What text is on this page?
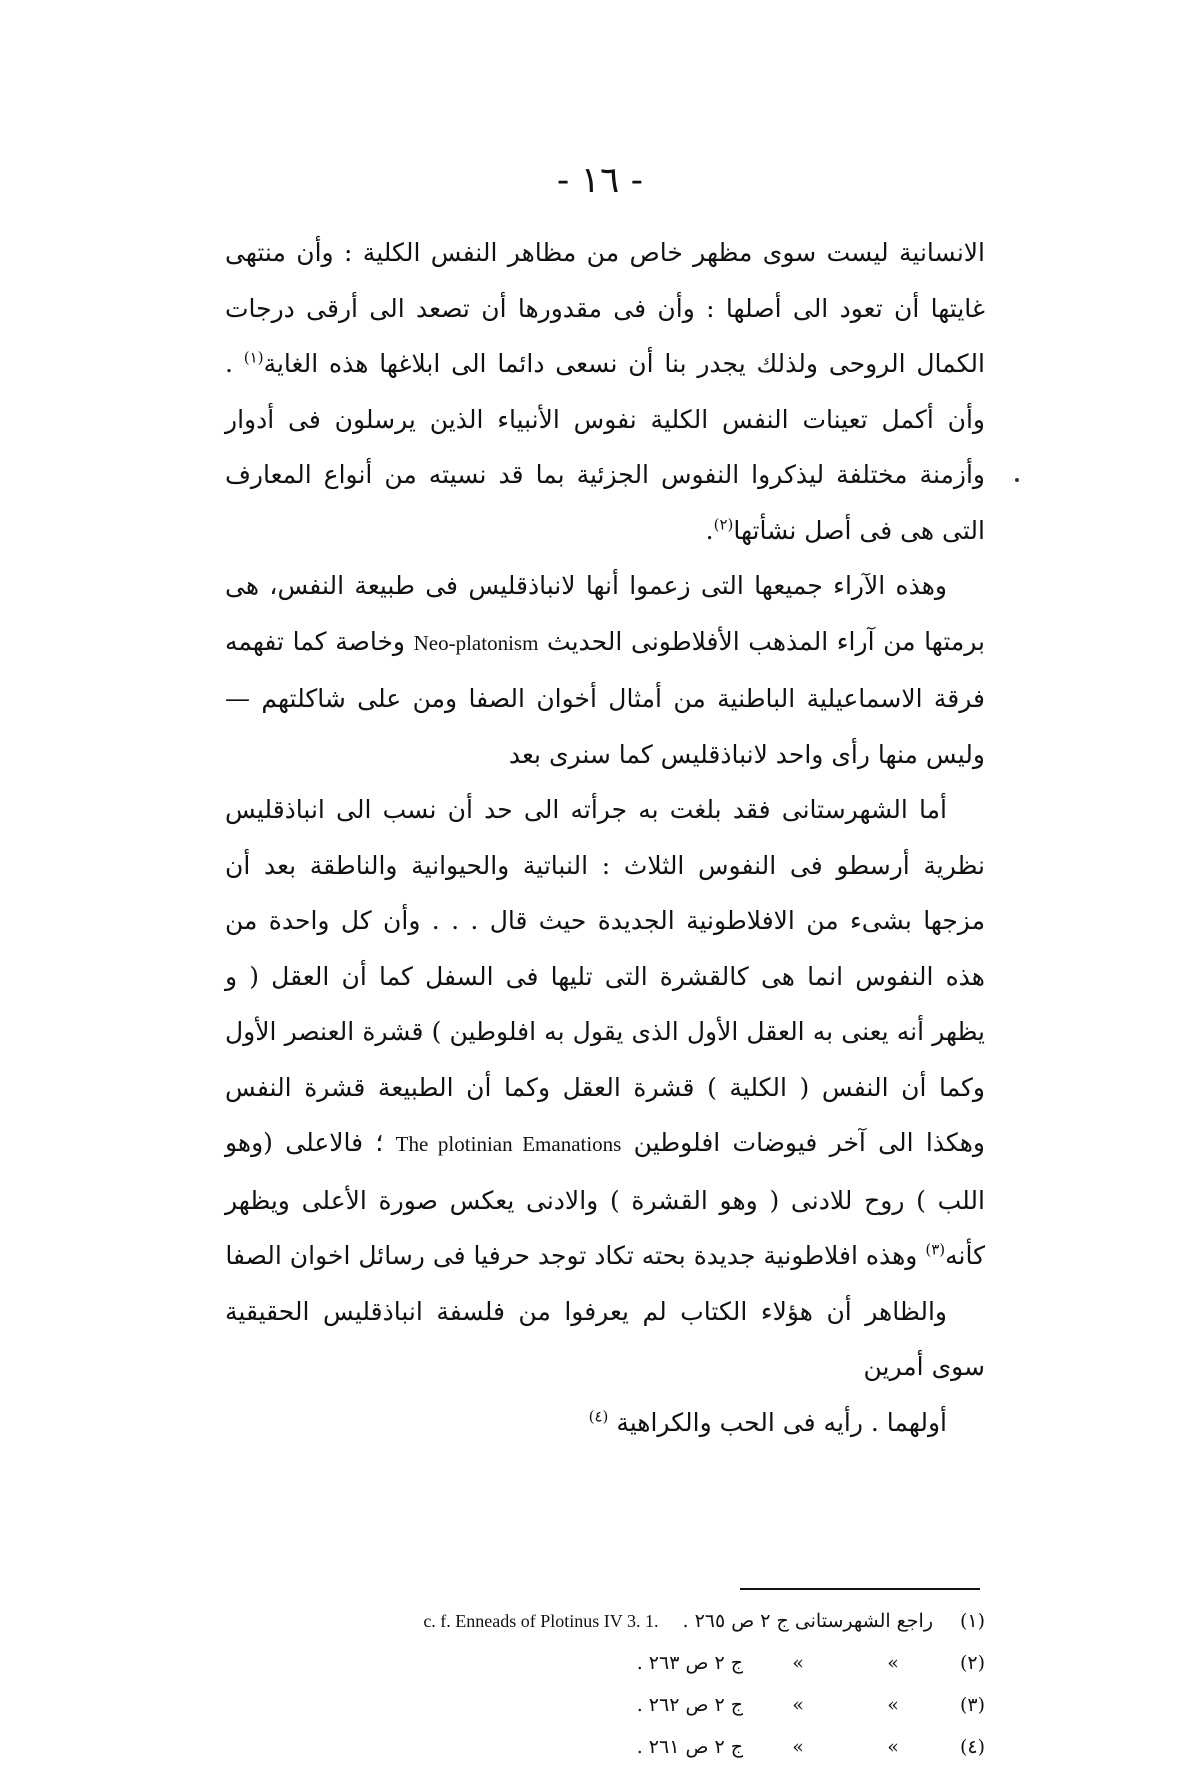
- ١٦ -

الانسانية ليست سوى مظهر خاص من مظاهر النفس الكلية : وأن منتهى غايتها أن تعود الى أصلها : وأن فى مقدورها أن تصعد الى أرقى درجات الكمال الروحى ولذلك يجدر بنا أن نسعى دائما الى ابلاغها هذه الغاية$^{(١)}$ . وأن أكمل تعينات النفس الكلية نفوس الأنبياء الذين يرسلون فى أدوار وأزمنة مختلفة ليذكروا النفوس الجزئية بما قد نسيته من أنواع المعارف التى هى فى أصل نشأتها$^{(٢)}$.

وهذه الآراء جميعها التى زعموا أنها لانباذقليس فى طبيعة النفس، هى برمتها من آراء المذهب الأفلاطونى الحديث Neo-platonism وخاصة كما تفهمه فرقة الاسماعيلية الباطنية من أمثال أخوان الصفا ومن على شاكلتهم — وليس منها رأى واحد لانباذقليس كما سنرى بعد

أما الشهرستانى فقد بلغت به جرأته الى حد أن نسب الى انباذقليس نظرية أرسطو فى النفوس الثلاث : النباتية والحيوانية والناطقة بعد أن مزجها بشىء من الافلاطونية الجديدة حيث قال . . . وأن كل واحدة من هذه النفوس انما هى كالقشرة التى تليها فى السفل كما أن العقل ( و يظهر أنه يعنى به العقل الأول الذى يقول به افلوطين ) قشرة العنصر الأول وكما أن النفس ( الكلية ) قشرة العقل وكما أن الطبيعة قشرة النفس وهكذا الى آخر فيوضات افلوطين The plotinian Emanations ؛ فالاعلى (وهو اللب ) روح للادنى ( وهو القشرة ) والادنى يعكس صورة الأعلى ويظهر كأنه$^{(٣)}$ وهذه افلاطونية جديدة بحته تكاد توجد حرفيا فى رسائل اخوان الصفا

والظاهر أن هؤلاء الكتاب لم يعرفوا من فلسفة انباذقليس الحقيقية سوى أمرين

أولهما . رأيه فى الحب والكراهية $^{(٤)}$

(١)
راجع الشهرستانى ج ٢ ص ٢٦٥ .
c. f. Enneads of Plotinus IV 3. 1.
(٢)
»
»
ج ٢ ص ٢٦٣ .
(٣)
»
»
ج ٢ ص ٢٦٢ .
(٤)
»
»
ج ٢ ص ٢٦١ .
